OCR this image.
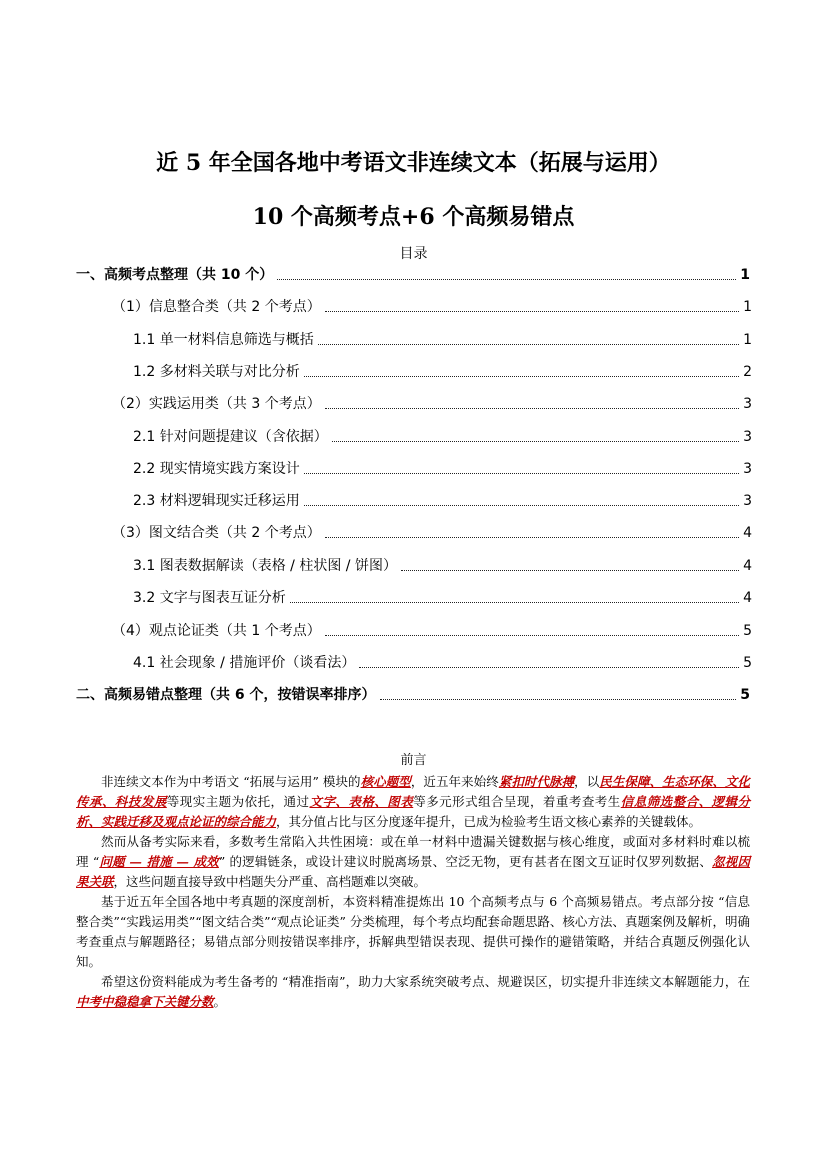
近 5 年全国各地中考语文非连续文本（拓展与运用）
10 个高频考点+6 个高频易错点
目录
一、高频考点整理（共 10 个）	1
（1）信息整合类（共 2 个考点）	1
1.1 单一材料信息筛选与概括	1
1.2 多材料关联与对比分析	2
（2）实践运用类（共 3 个考点）	3
2.1 针对问题提建议（含依据）	3
2.2 现实情境实践方案设计	3
2.3 材料逻辑现实迁移运用	3
（3）图文结合类（共 2 个考点）	4
3.1 图表数据解读（表格 / 柱状图 / 饼图）	4
3.2 文字与图表互证分析	4
（4）观点论证类（共 1 个考点）	5
4.1 社会现象 / 措施评价（谈看法）	5
二、高频易错点整理（共 6 个，按错误率排序）	5
前言

非连续文本作为中考语文 “拓展与运用” 模块的核心题型，近五年来始终紧扣时代脉搏，以民生保障、生态环保、文化传承、科技发展等现实主题为依托，通过文字、表格、图表等多元形式组合呈现，着重考查考生信息筛选整合、逻辑分析、实践迁移及观点论证的综合能力，其分值占比与区分度逐年提升，已成为检验考生语文核心素养的关键载体。

然而从备考实际来看，多数考生常陷入共性困境：或在单一材料中遗漏关键数据与核心维度，或面对多材料时难以梳理 “问题 — 措施 — 成效” 的逻辑链条，或设计建议时脱离场景、空泛无物，更有甚者在图文互证时仅罗列数据、忽视因果关联，这些问题直接导致中档题失分严重、高档题难以突破。

基于近五年全国各地中考真题的深度剖析，本资料精准提炼出 10 个高频考点与 6 个高频易错点。考点部分按 “信息整合类”“实践运用类”“图文结合类”“观点论证类” 分类梳理，每个考点均配套命题思路、核心方法、真题案例及解析，明确考查重点与解题路径；易错点部分则按错误率排序，拆解典型错误表现、提供可操作的避错策略，并结合真题反例强化认知。

希望这份资料能成为考生备考的 “精准指南”，助力大家系统突破考点、规避误区，切实提升非连续文本解题能力，在中考中稳稳拿下关键分数。
